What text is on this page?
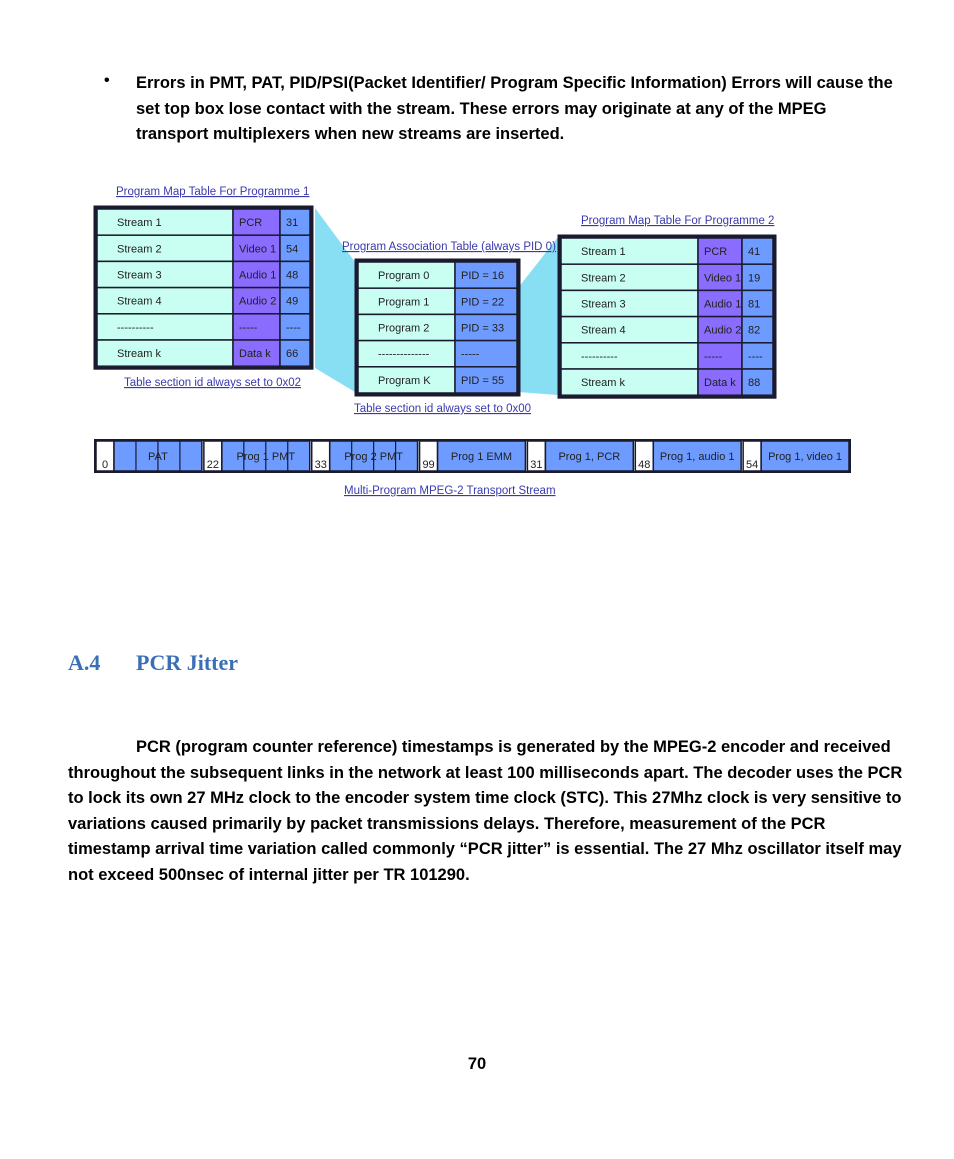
• Errors in PMT, PAT, PID/PSI(Packet Identifier/ Program Specific Information) Errors will cause the set top box lose contact with the stream. These errors may originate at any of the MPEG transport multiplexers when new streams are inserted.
Program Map Table For Programme 1
Stream 1	PCR 31
Stream 2	Video 1 54
Stream 3	Audio 1 48
Stream 4	Audio 2 49
----------	-----	----
Stream k	Data k 66
Table section id always set to 0x02
Program Association Table (always PID 0)
Program 0	PID = 16
Program 1	PID = 22
Program 2	PID = 33
--------------	-----
Program K	PID = 55
Table section id always set to 0x00
Program Map Table For Programme 2
Stream 1	PCR 41
Stream 2	Video 1 19
Stream 3	Audio 1 81
Stream 4	Audio 2 82
----------	----- ----
Stream k	Data k 88
0
PAT
22
Prog 1 PMT
33
Prog 2 PMT
99
Prog 1 EMM
31
Prog 1, PCR
48
Prog 1, audio 1
54
Prog 1, video 1
Multi-Program MPEG-2 Transport Stream
A.4 PCR Jitter
PCR (program counter reference) timestamps is generated by the MPEG-2 encoder and received throughout the subsequent links in the network at least 100 milliseconds apart. The decoder uses the PCR to lock its own 27 MHz clock to the encoder system time clock (STC). This 27Mhz clock is very sensitive to variations caused primarily by packet transmissions delays. Therefore, measurement of the PCR timestamp arrival time variation called commonly “PCR jitter” is essential. The 27 Mhz oscillator itself may not exceed 500nsec of internal jitter per TR 101290.
70
